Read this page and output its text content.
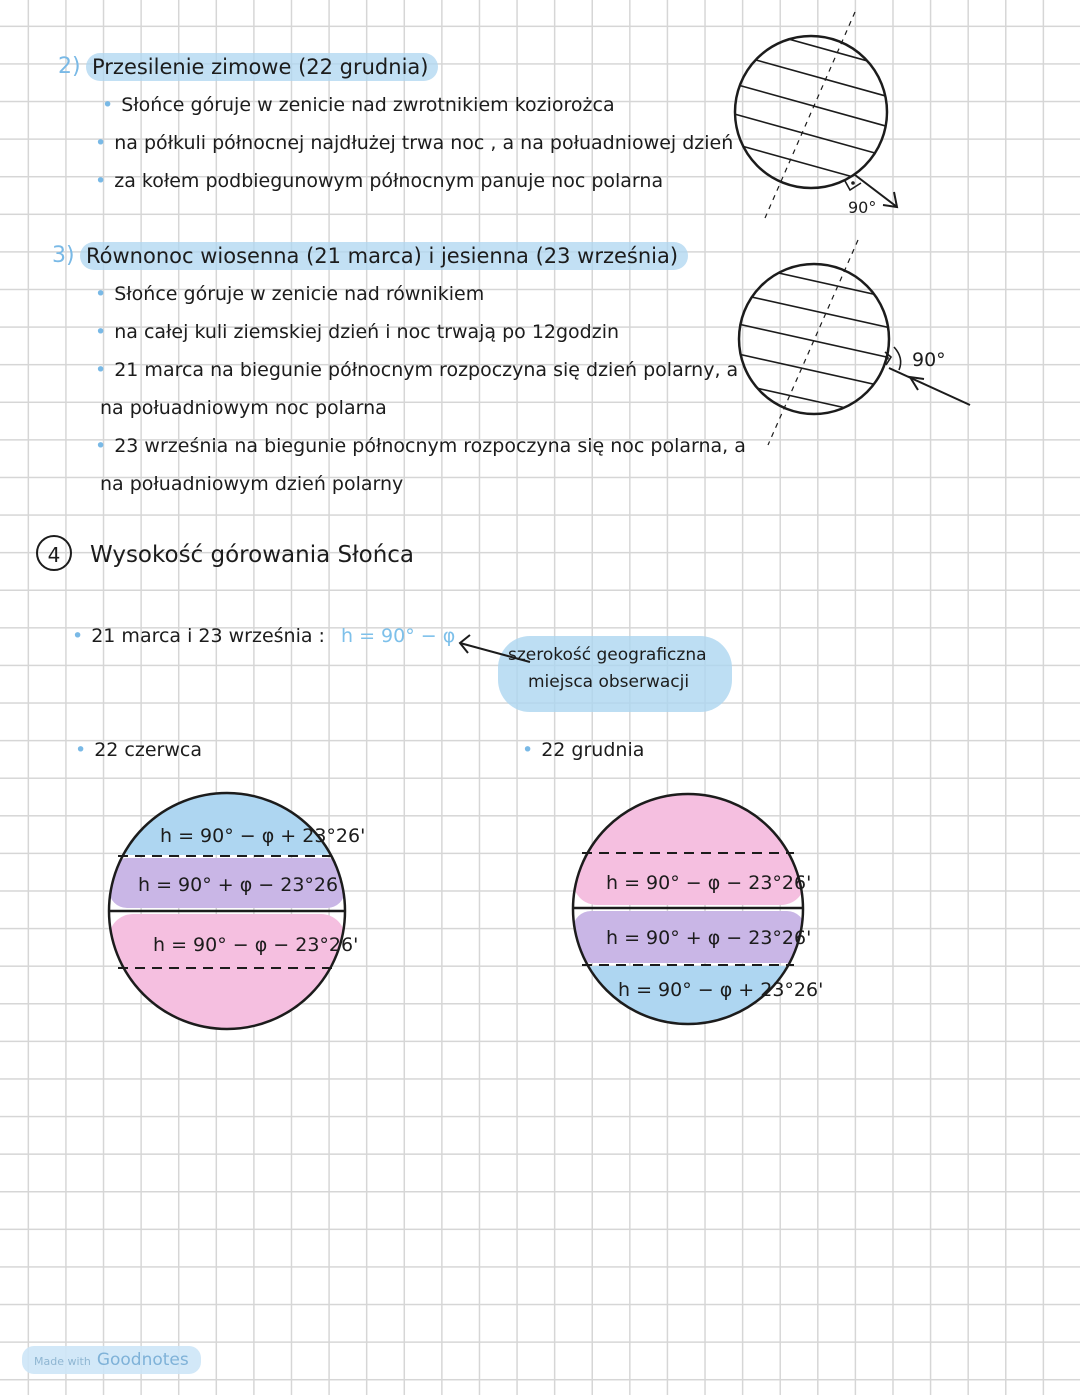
2) Przesilenie zimowe (22 grudnia)
• Słońce góruje w zenicie nad zwrotnikiem koziorożca
• na półkuli północnej najdłużej trwa noc , a na połuadniowej dzień
• za kołem podbiegunowym północnym panuje noc polarna
3) Równonoc wiosenna (21 marca) i jesienna (23 września)
• Słońce góruje w zenicie nad równikiem
• na całej kuli ziemskiej dzień i noc trwają po 12godzin
• 21 marca na biegunie północnym rozpoczyna się dzień polarny, a
na połuadniowym noc polarna
• 23 września na biegunie północnym rozpoczyna się noc polarna, a
na połuadniowym dzień polarny
4	Wysokość górowania Słońca
• 21 marca i 23 września : h = 90° − φ
szerokość geograficzna
miejsca obserwacji
• 22 czerwca	• 22 grudnia
90°
90°
h = 90° − φ + 23°26'
h = 90° + φ − 23°26'
h = 90° − φ − 23°26'
h = 90° − φ − 23°26'
h = 90° + φ − 23°26'
h = 90° − φ + 23°26'
Made with Goodnotes
